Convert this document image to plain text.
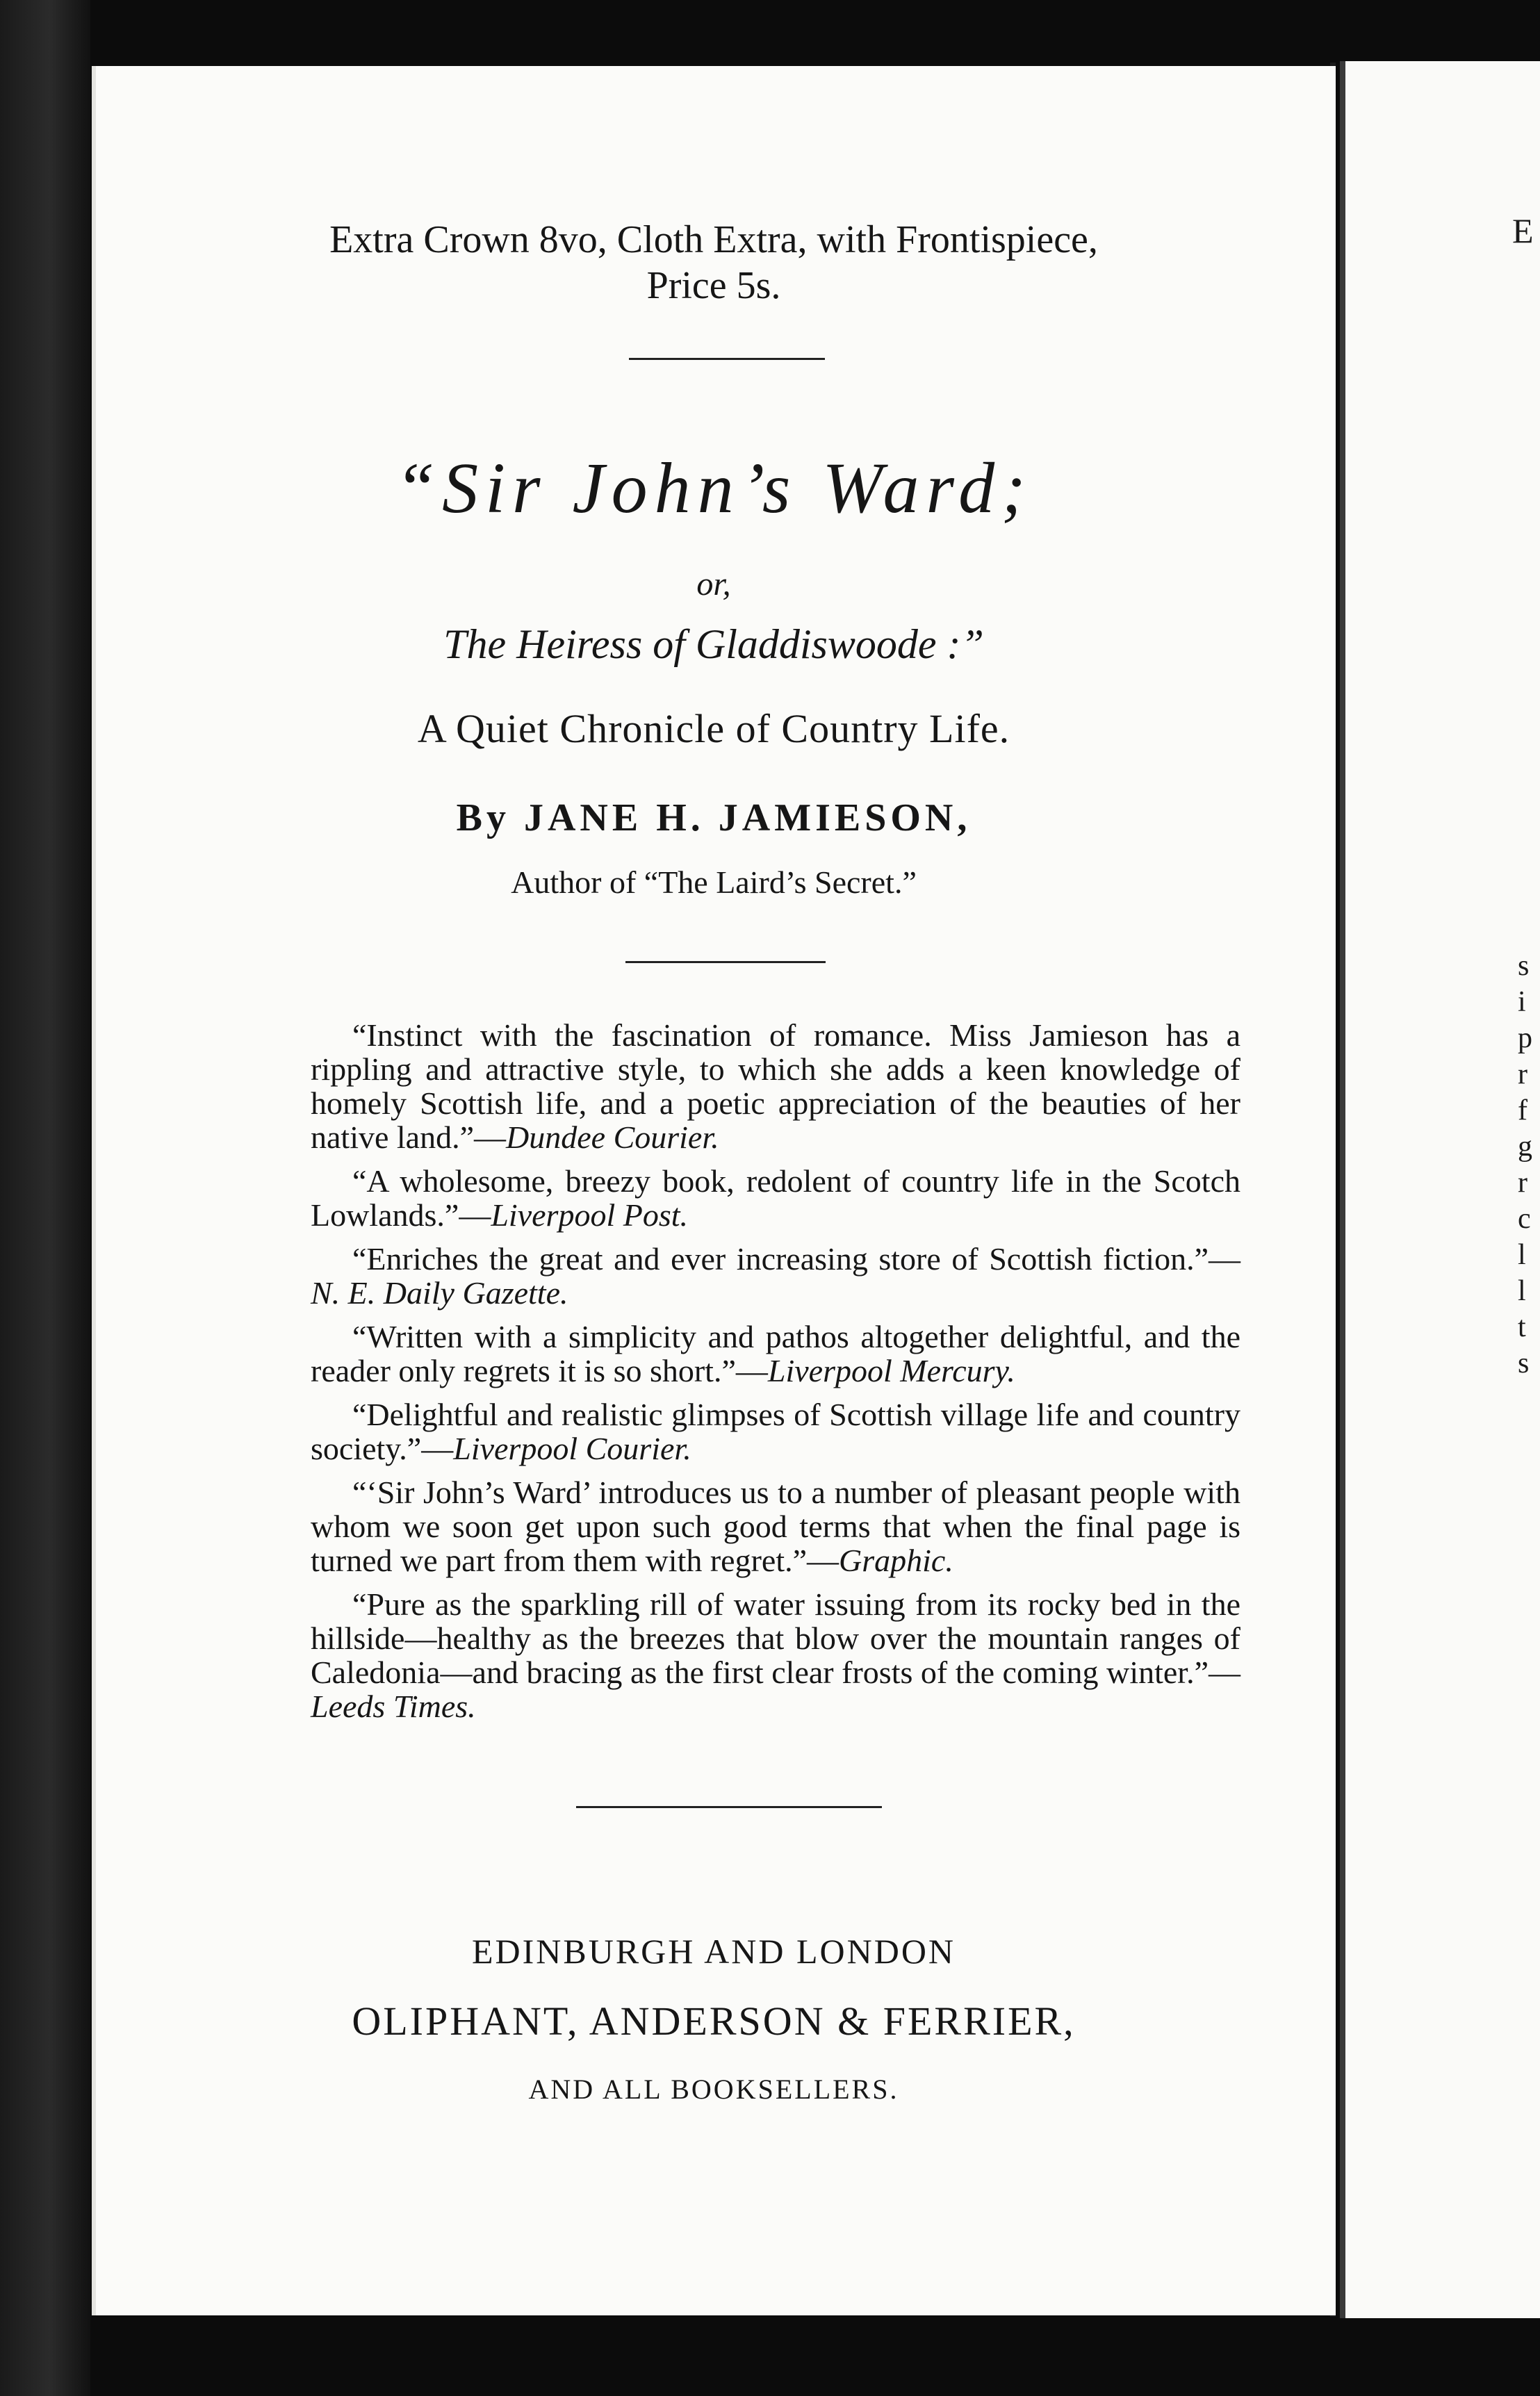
E
s
i
p
r
f
g
r
c
l
l
t
s
Extra Crown 8vo, Cloth Extra, with Frontispiece,
Price 5s.
“Sir John’s Ward;
or,
The Heiress of Gladdiswoode :”
A Quiet Chronicle of Country Life.
By JANE H. JAMIESON,
Author of “The Laird’s Secret.”

“Instinct with the fascination of romance. Miss Jamieson has a rippling and attractive style, to which she adds a keen knowledge of homely Scottish life, and a poetic appreciation of the beauties of her native land.”—Dundee Courier.

“A wholesome, breezy book, redolent of country life in the Scotch Lowlands.”—Liverpool Post.

“Enriches the great and ever increasing store of Scottish fiction.”—N. E. Daily Gazette.

“Written with a simplicity and pathos altogether delightful, and the reader only regrets it is so short.”—Liverpool Mercury.

“Delightful and realistic glimpses of Scottish village life and country society.”—Liverpool Courier.

“‘Sir John’s Ward’ introduces us to a number of pleasant people with whom we soon get upon such good terms that when the final page is turned we part from them with regret.”—Graphic.

“Pure as the sparkling rill of water issuing from its rocky bed in the hillside—healthy as the breezes that blow over the mountain ranges of Caledonia—and bracing as the first clear frosts of the coming winter.”—Leeds Times.

EDINBURGH AND LONDON
OLIPHANT, ANDERSON & FERRIER,
AND ALL BOOKSELLERS.
